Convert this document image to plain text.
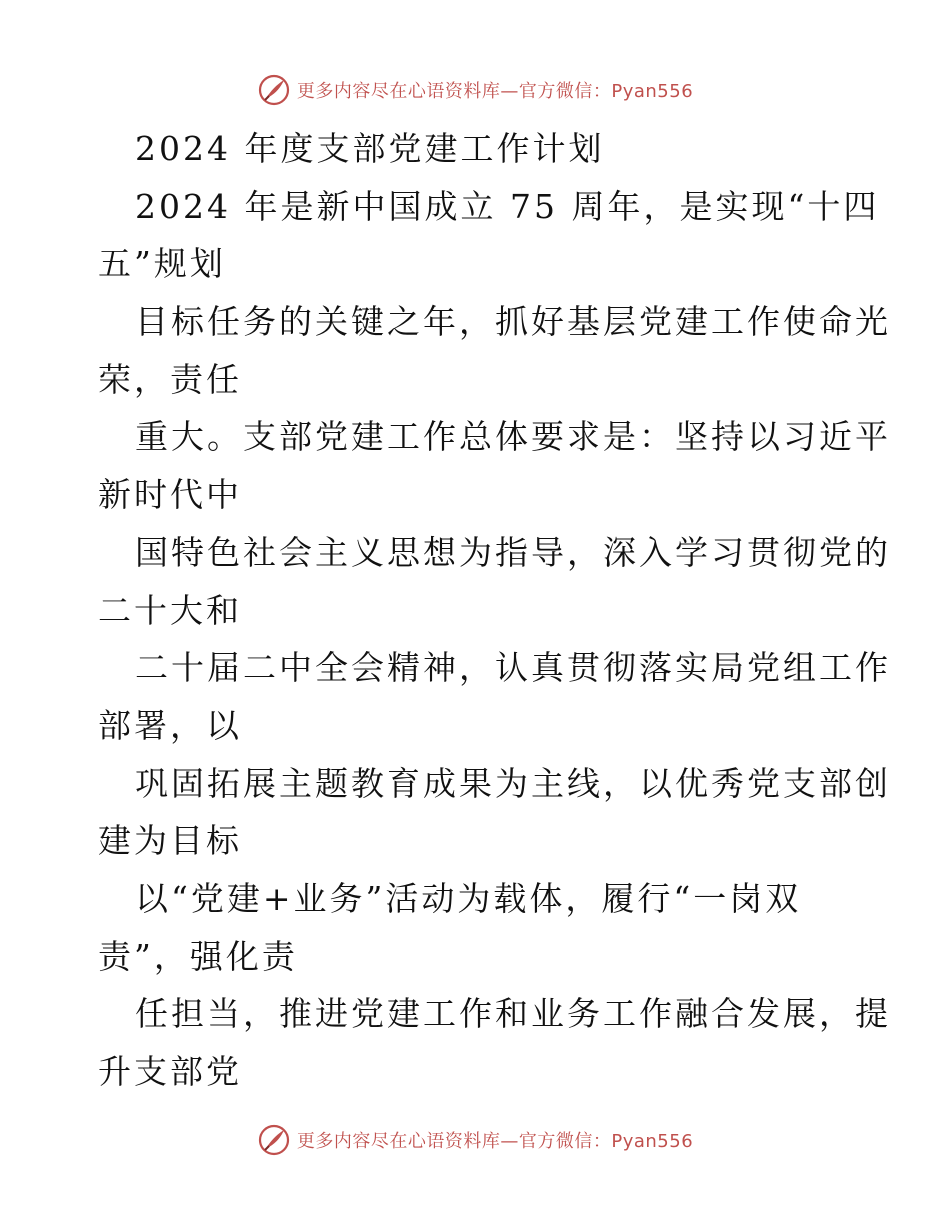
更多内容尽在心语资料库—官方微信：Pyan556
2024 年度支部党建工作计划
2024 年是新中国成立 75 周年，是实现“十四
五”规划
目标任务的关键之年，抓好基层党建工作使命光
荣，责任
重大。支部党建工作总体要求是：坚持以习近平
新时代中
国特色社会主义思想为指导，深入学习贯彻党的
二十大和
二十届二中全会精神，认真贯彻落实局党组工作
部署，以
巩固拓展主题教育成果为主线，以优秀党支部创
建为目标
以“党建+业务”活动为载体，履行“一岗双
责”，强化责
任担当，推进党建工作和业务工作融合发展，提
升支部党
更多内容尽在心语资料库—官方微信：Pyan556
